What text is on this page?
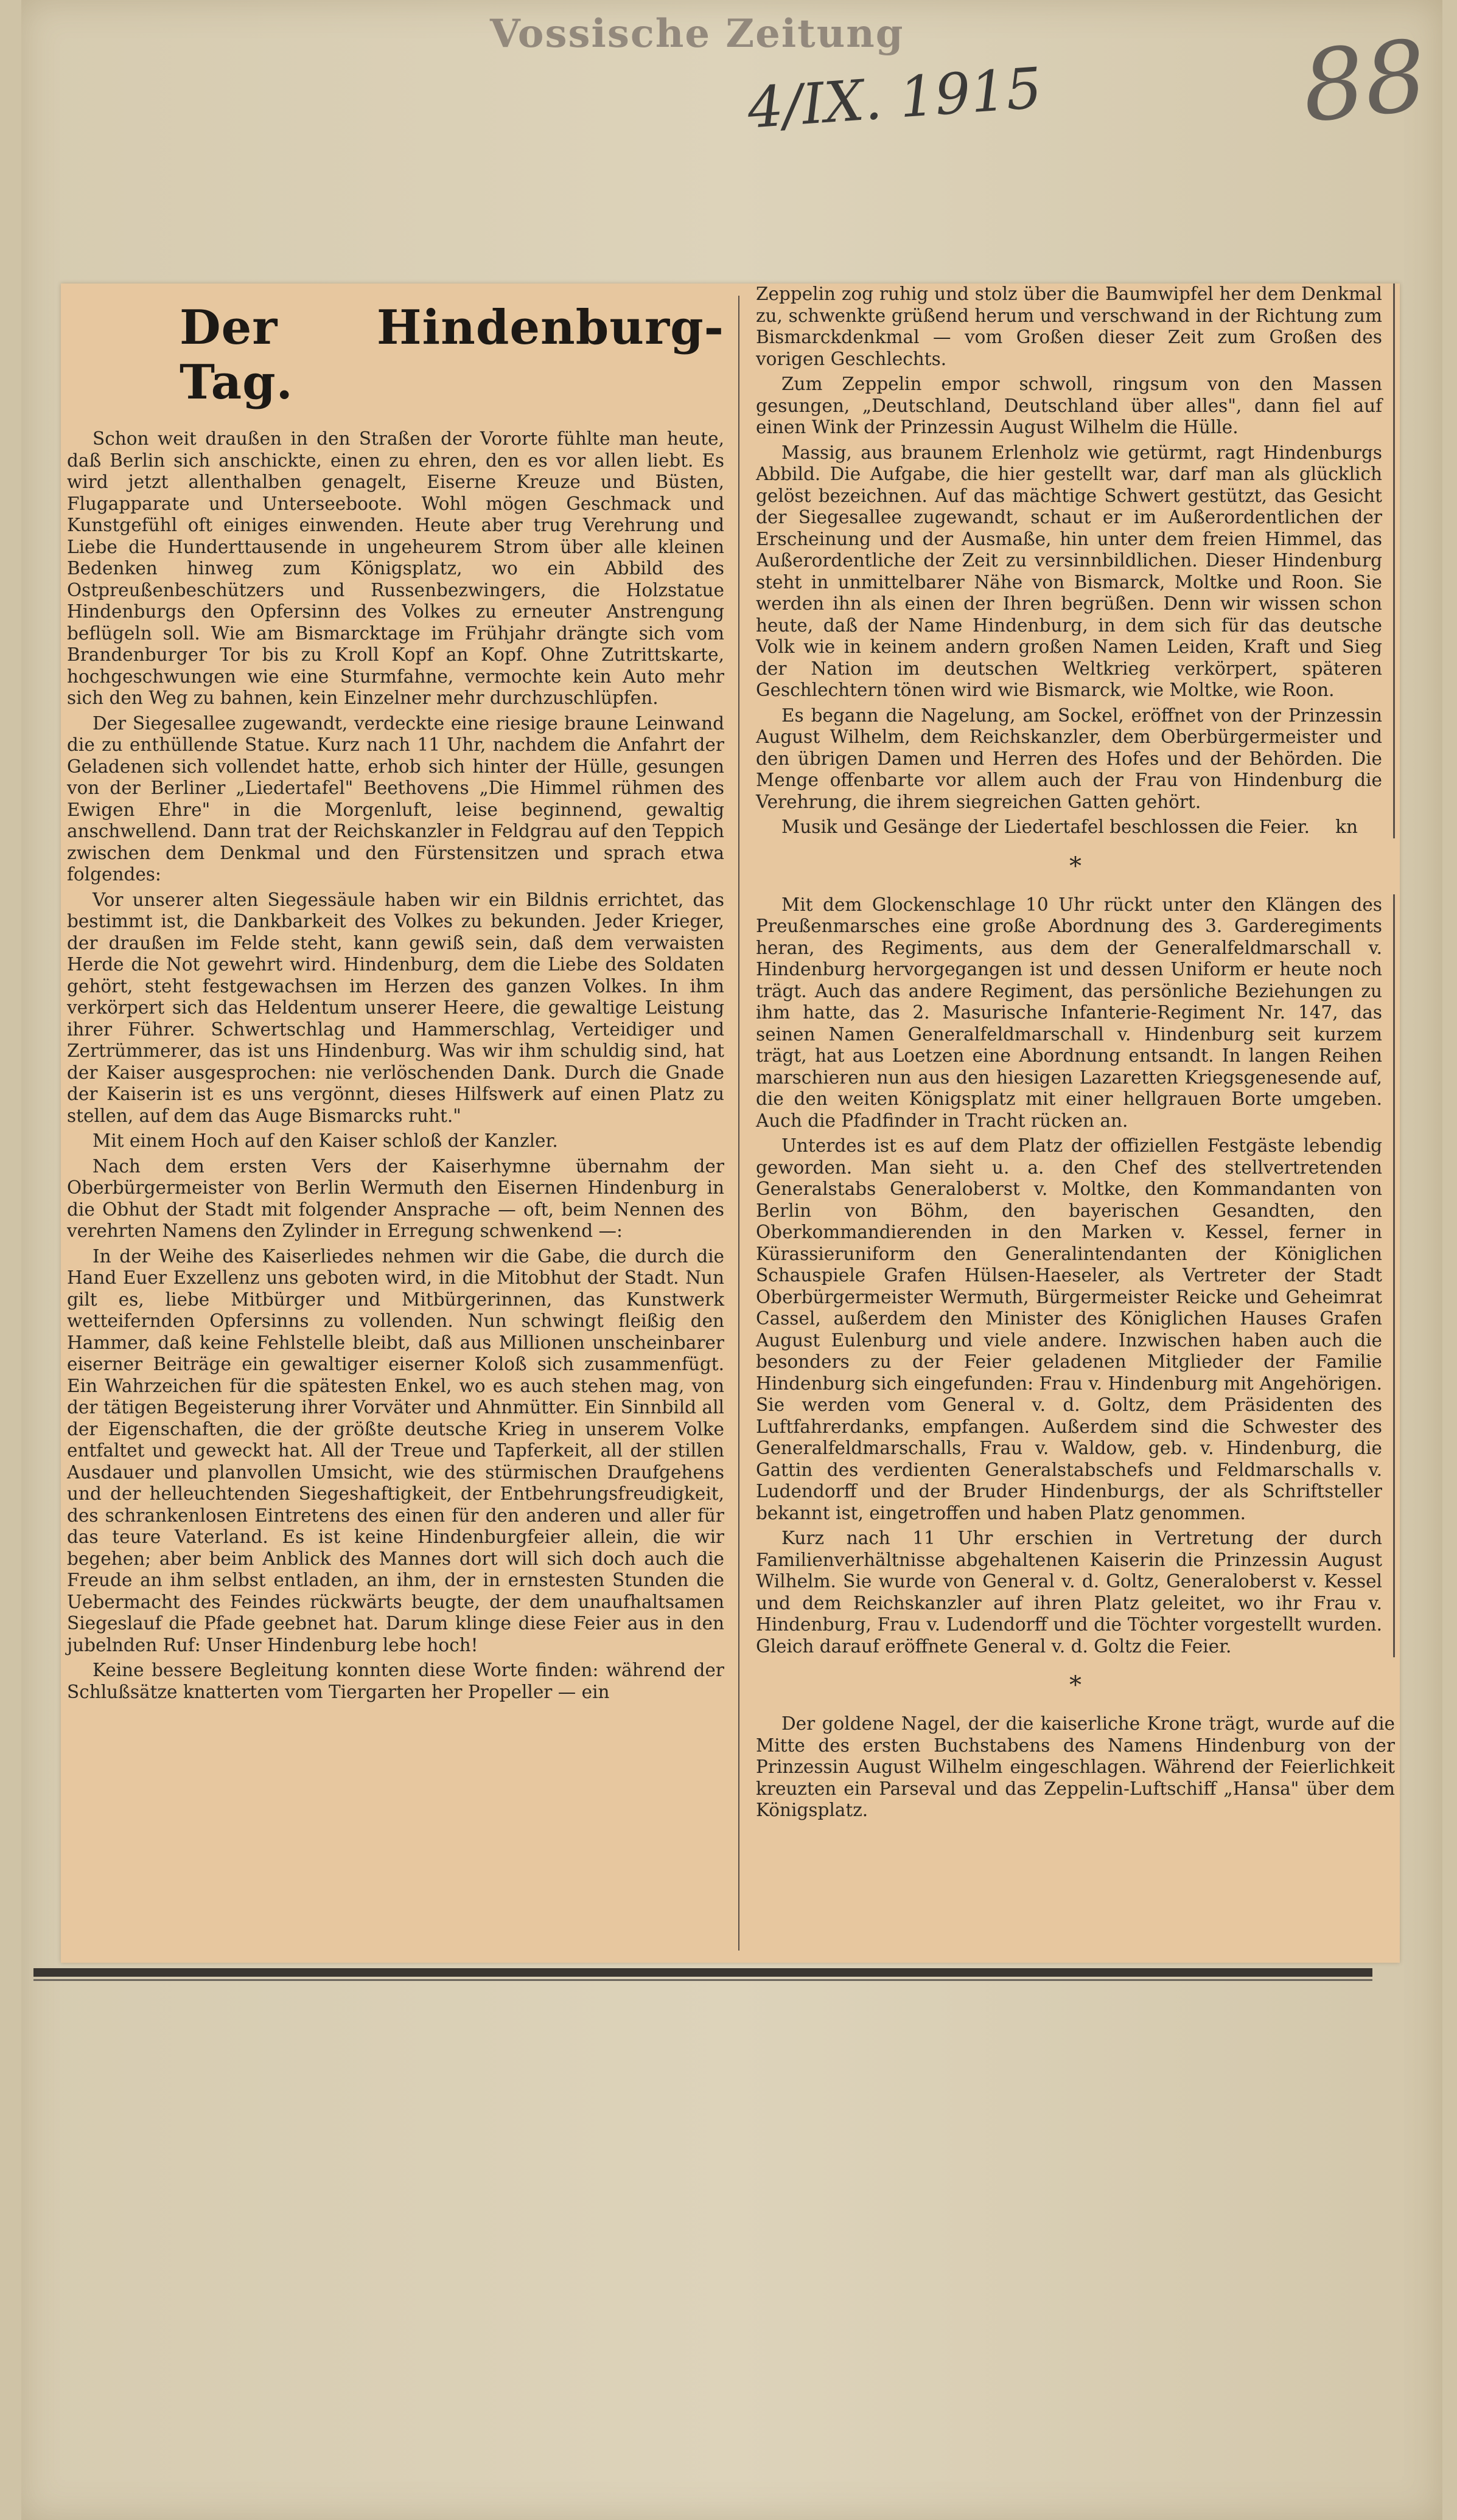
Vossische Zeitung
4/IX. 1915	88
Der Hindenburg-Tag.

Schon weit draußen in den Straßen der Vororte fühlte man heute, daß Berlin sich anschickte, einen zu ehren, den es vor allen liebt. Es wird jetzt allenthalben genagelt, Eiserne Kreuze und Büsten, Flugapparate und Unterseeboote. Wohl mögen Geschmack und Kunstgefühl oft einiges einwenden. Heute aber trug Verehrung und Liebe die Hunderttausende in ungeheurem Strom über alle kleinen Bedenken hinweg zum Königsplatz, wo ein Abbild des Ostpreußenbeschützers und Russenbezwingers, die Holzstatue Hindenburgs den Opfersinn des Volkes zu erneuter Anstrengung beflügeln soll. Wie am Bismarcktage im Frühjahr drängte sich vom Brandenburger Tor bis zu Kroll Kopf an Kopf. Ohne Zutrittskarte, hochgeschwungen wie eine Sturmfahne, vermochte kein Auto mehr sich den Weg zu bahnen, kein Einzelner mehr durchzuschlüpfen.

Der Siegesallee zugewandt, verdeckte eine riesige braune Leinwand die zu enthüllende Statue. Kurz nach 11 Uhr, nachdem die Anfahrt der Geladenen sich vollendet hatte, erhob sich hinter der Hülle, gesungen von der Berliner „Liedertafel" Beethovens „Die Himmel rühmen des Ewigen Ehre" in die Morgenluft, leise beginnend, gewaltig anschwellend. Dann trat der Reichskanzler in Feldgrau auf den Teppich zwischen dem Denkmal und den Fürstensitzen und sprach etwa folgendes:

Vor unserer alten Siegessäule haben wir ein Bildnis errichtet, das bestimmt ist, die Dankbarkeit des Volkes zu bekunden. Jeder Krieger, der draußen im Felde steht, kann gewiß sein, daß dem verwaisten Herde die Not gewehrt wird. Hindenburg, dem die Liebe des Soldaten gehört, steht festgewachsen im Herzen des ganzen Volkes. In ihm verkörpert sich das Heldentum unserer Heere, die gewaltige Leistung ihrer Führer. Schwertschlag und Hammerschlag, Verteidiger und Zertrümmerer, das ist uns Hindenburg. Was wir ihm schuldig sind, hat der Kaiser ausgesprochen: nie verlöschenden Dank. Durch die Gnade der Kaiserin ist es uns vergönnt, dieses Hilfswerk auf einen Platz zu stellen, auf dem das Auge Bismarcks ruht."

Mit einem Hoch auf den Kaiser schloß der Kanzler.

Nach dem ersten Vers der Kaiserhymne übernahm der Oberbürgermeister von Berlin Wermuth den Eisernen Hindenburg in die Obhut der Stadt mit folgender Ansprache — oft, beim Nennen des verehrten Namens den Zylinder in Erregung schwenkend —:

In der Weihe des Kaiserliedes nehmen wir die Gabe, die durch die Hand Euer Exzellenz uns geboten wird, in die Mitobhut der Stadt. Nun gilt es, liebe Mitbürger und Mitbürgerinnen, das Kunstwerk wetteifernden Opfersinns zu vollenden. Nun schwingt fleißig den Hammer, daß keine Fehlstelle bleibt, daß aus Millionen unscheinbarer eiserner Beiträge ein gewaltiger eiserner Koloß sich zusammenfügt. Ein Wahrzeichen für die spätesten Enkel, wo es auch stehen mag, von der tätigen Begeisterung ihrer Vorväter und Ahnmütter. Ein Sinnbild all der Eigenschaften, die der größte deutsche Krieg in unserem Volke entfaltet und geweckt hat. All der Treue und Tapferkeit, all der stillen Ausdauer und planvollen Umsicht, wie des stürmischen Draufgehens und der helleuchtenden Siegeshaftigkeit, der Entbehrungsfreudigkeit, des schrankenlosen Eintretens des einen für den anderen und aller für das teure Vaterland. Es ist keine Hindenburgfeier allein, die wir begehen; aber beim Anblick des Mannes dort will sich doch auch die Freude an ihm selbst entladen, an ihm, der in ernstesten Stunden die Uebermacht des Feindes rückwärts beugte, der dem unaufhaltsamen Siegeslauf die Pfade geebnet hat. Darum klinge diese Feier aus in den jubelnden Ruf: Unser Hindenburg lebe hoch!

Keine bessere Begleitung konnten diese Worte finden: während der Schlußsätze knatterten vom Tiergarten her Propeller — ein

Zeppelin zog ruhig und stolz über die Baumwipfel her dem Denkmal zu, schwenkte grüßend herum und verschwand in der Richtung zum Bismarckdenkmal — vom Großen dieser Zeit zum Großen des vorigen Geschlechts.

Zum Zeppelin empor schwoll, ringsum von den Massen gesungen, „Deutschland, Deutschland über alles", dann fiel auf einen Wink der Prinzessin August Wilhelm die Hülle.

Massig, aus braunem Erlenholz wie getürmt, ragt Hindenburgs Abbild. Die Aufgabe, die hier gestellt war, darf man als glücklich gelöst bezeichnen. Auf das mächtige Schwert gestützt, das Gesicht der Siegesallee zugewandt, schaut er im Außerordentlichen der Erscheinung und der Ausmaße, hin unter dem freien Himmel, das Außerordentliche der Zeit zu versinnbildlichen. Dieser Hindenburg steht in unmittelbarer Nähe von Bismarck, Moltke und Roon. Sie werden ihn als einen der Ihren begrüßen. Denn wir wissen schon heute, daß der Name Hindenburg, in dem sich für das deutsche Volk wie in keinem andern großen Namen Leiden, Kraft und Sieg der Nation im deutschen Weltkrieg verkörpert, späteren Geschlechtern tönen wird wie Bismarck, wie Moltke, wie Roon.

Es begann die Nagelung, am Sockel, eröffnet von der Prinzessin August Wilhelm, dem Reichskanzler, dem Oberbürgermeister und den übrigen Damen und Herren des Hofes und der Behörden. Die Menge offenbarte vor allem auch der Frau von Hindenburg die Verehrung, die ihrem siegreichen Gatten gehört.

Musik und Gesänge der Liedertafel beschlossen die Feier.	kn

*

Mit dem Glockenschlage 10 Uhr rückt unter den Klängen des Preußenmarsches eine große Abordnung des 3. Garderegiments heran, des Regiments, aus dem der Generalfeldmarschall v. Hindenburg hervorgegangen ist und dessen Uniform er heute noch trägt. Auch das andere Regiment, das persönliche Beziehungen zu ihm hatte, das 2. Masurische Infanterie-Regiment Nr. 147, das seinen Namen Generalfeldmarschall v. Hindenburg seit kurzem trägt, hat aus Loetzen eine Abordnung entsandt. In langen Reihen marschieren nun aus den hiesigen Lazaretten Kriegsgenesende auf, die den weiten Königsplatz mit einer hellgrauen Borte umgeben. Auch die Pfadfinder in Tracht rücken an.

Unterdes ist es auf dem Platz der offiziellen Festgäste lebendig geworden. Man sieht u. a. den Chef des stellvertretenden Generalstabs Generaloberst v. Moltke, den Kommandanten von Berlin von Böhm, den bayerischen Gesandten, den Oberkommandierenden in den Marken v. Kessel, ferner in Kürassieruniform den Generalintendanten der Königlichen Schauspiele Grafen Hülsen-Haeseler, als Vertreter der Stadt Oberbürgermeister Wermuth, Bürgermeister Reicke und Geheimrat Cassel, außerdem den Minister des Königlichen Hauses Grafen August Eulenburg und viele andere. Inzwischen haben auch die besonders zu der Feier geladenen Mitglieder der Familie Hindenburg sich eingefunden: Frau v. Hindenburg mit Angehörigen. Sie werden vom General v. d. Goltz, dem Präsidenten des Luftfahrerdanks, empfangen. Außerdem sind die Schwester des Generalfeldmarschalls, Frau v. Waldow, geb. v. Hindenburg, die Gattin des verdienten Generalstabschefs und Feldmarschalls v. Ludendorff und der Bruder Hindenburgs, der als Schriftsteller bekannt ist, eingetroffen und haben Platz genommen.

Kurz nach 11 Uhr erschien in Vertretung der durch Familienverhältnisse abgehaltenen Kaiserin die Prinzessin August Wilhelm. Sie wurde von General v. d. Goltz, Generaloberst v. Kessel und dem Reichskanzler auf ihren Platz geleitet, wo ihr Frau v. Hindenburg, Frau v. Ludendorff und die Töchter vorgestellt wurden. Gleich darauf eröffnete General v. d. Goltz die Feier.

*

Der goldene Nagel, der die kaiserliche Krone trägt, wurde auf die Mitte des ersten Buchstabens des Namens Hindenburg von der Prinzessin August Wilhelm eingeschlagen. Während der Feierlichkeit kreuzten ein Parseval und das Zeppelin-Luftschiff „Hansa" über dem Königsplatz.
